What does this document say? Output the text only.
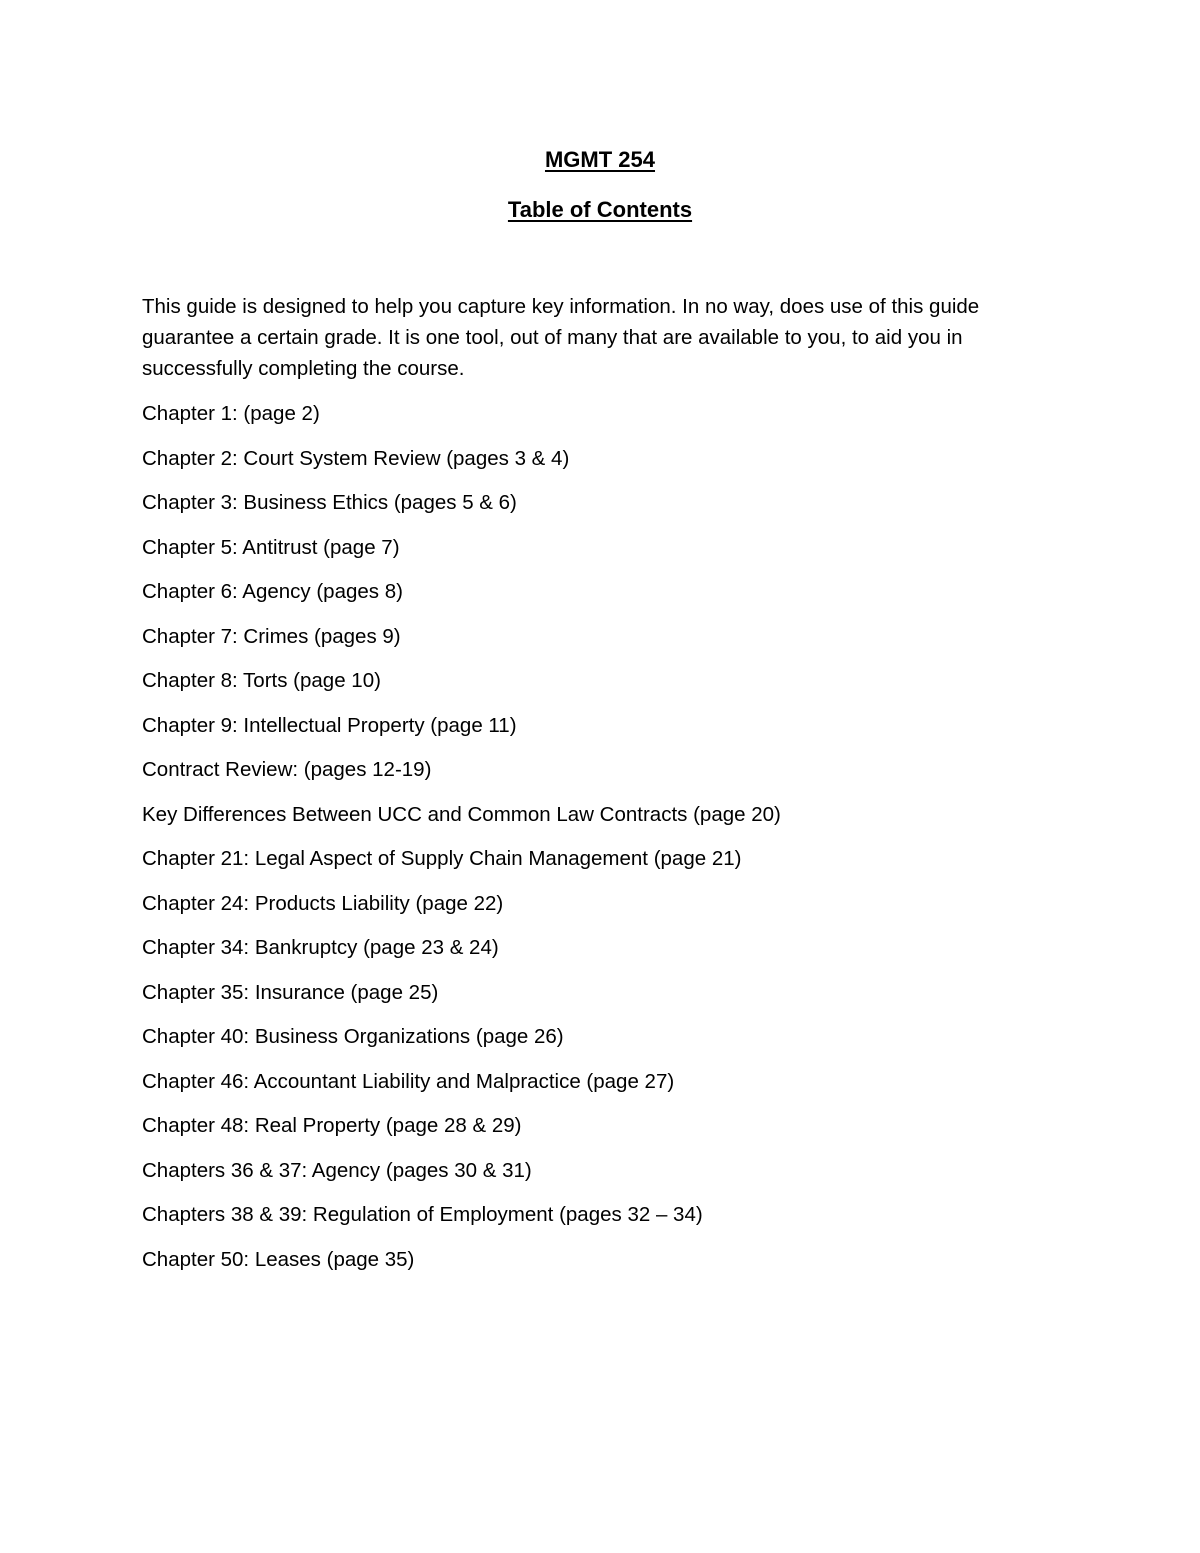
MGMT 254
Table of Contents

This guide is designed to help you capture key information. In no way, does use of this guide guarantee a certain grade. It is one tool, out of many that are available to you, to aid you in successfully completing the course.

Chapter 1: (page 2)
Chapter 2: Court System Review (pages 3 & 4)
Chapter 3: Business Ethics (pages 5 & 6)
Chapter 5: Antitrust (page 7)
Chapter 6: Agency (pages 8)
Chapter 7: Crimes (pages 9)
Chapter 8: Torts (page 10)
Chapter 9: Intellectual Property (page 11)
Contract Review: (pages 12-19)
Key Differences Between UCC and Common Law Contracts (page 20)
Chapter 21: Legal Aspect of Supply Chain Management (page 21)
Chapter 24: Products Liability (page 22)
Chapter 34: Bankruptcy (page 23 & 24)
Chapter 35: Insurance (page 25)
Chapter 40: Business Organizations (page 26)
Chapter 46: Accountant Liability and Malpractice (page 27)
Chapter 48: Real Property (page 28 & 29)
Chapters 36 & 37: Agency (pages 30 & 31)
Chapters 38 & 39: Regulation of Employment (pages 32 – 34)
Chapter 50: Leases (page 35)
